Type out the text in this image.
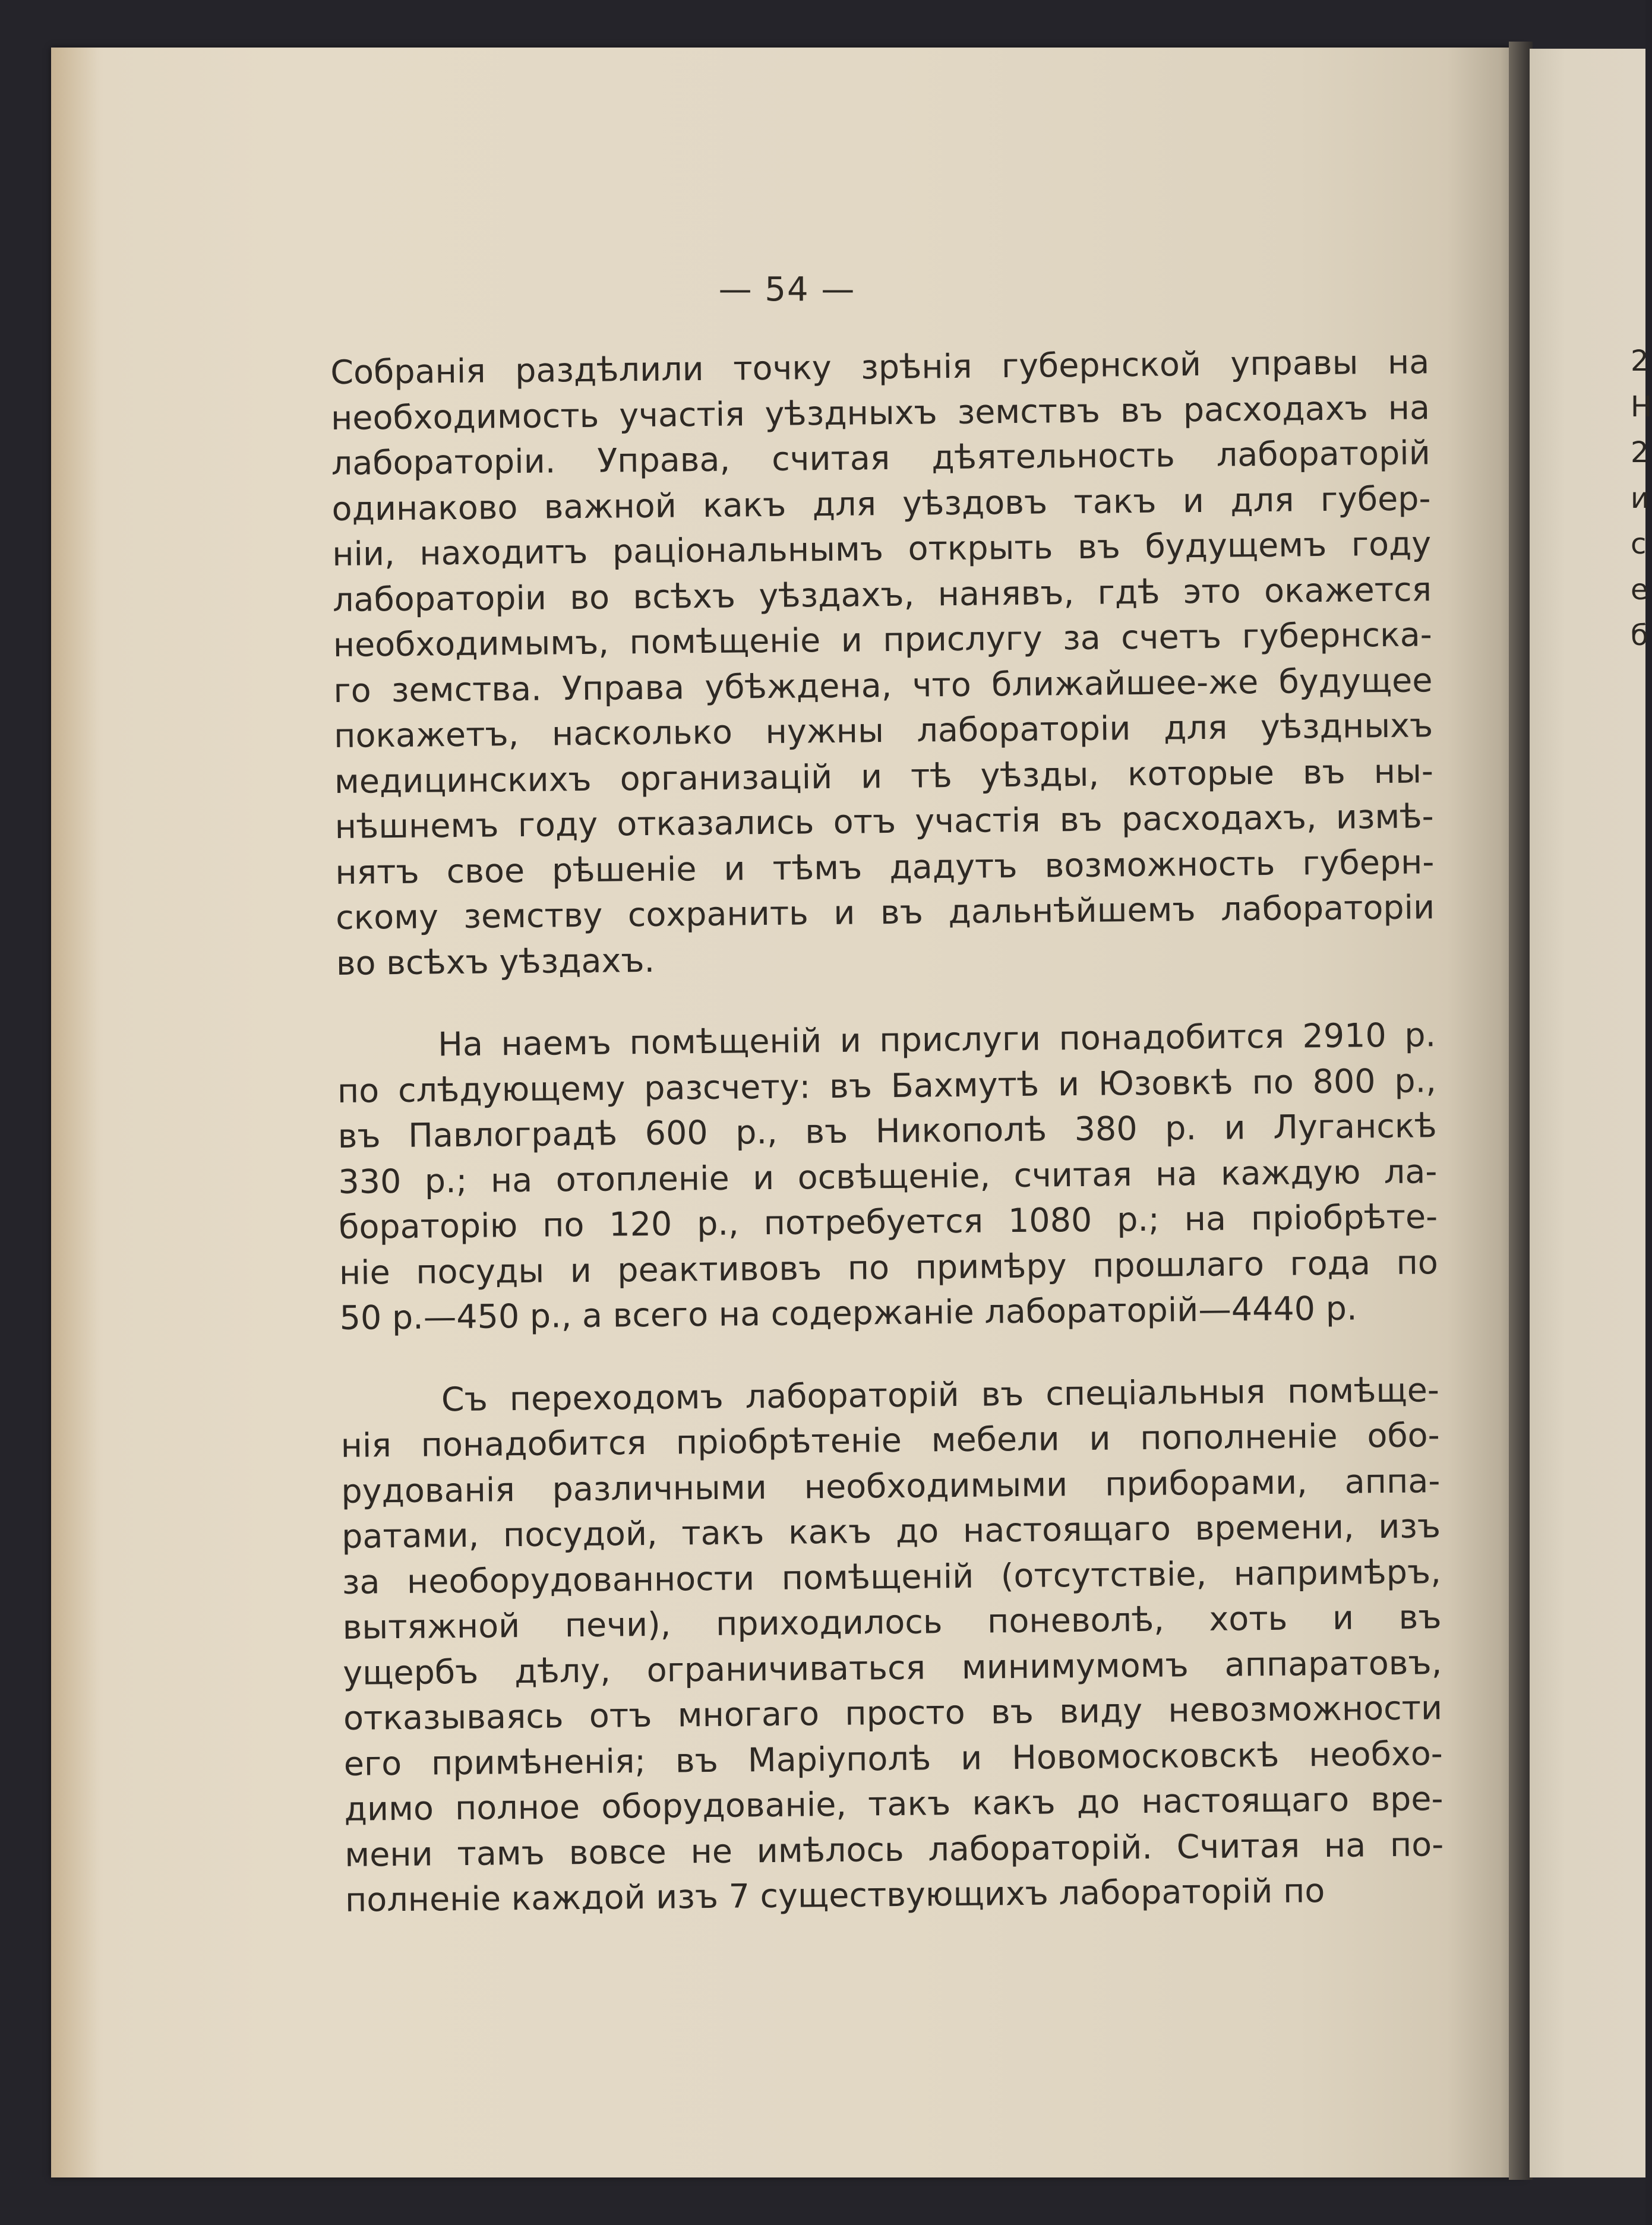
2
Н
2
и
с
е
б
— 54 —
Собранія раздѣлили точку зрѣнія губернской управы на
необходимость участія уѣздныхъ земствъ въ расходахъ на
лабораторіи. Управа, считая дѣятельность лабораторій
одинаково важной какъ для уѣздовъ такъ и для губер-
ніи, находитъ раціональнымъ открыть въ будущемъ году
лабораторіи во всѣхъ уѣздахъ, нанявъ, гдѣ это окажется
необходимымъ, помѣщеніе и прислугу за счетъ губернска-
го земства. Управа убѣждена, что ближайшее-же будущее
покажетъ, насколько нужны лабораторіи для уѣздныхъ
медицинскихъ организацій и тѣ уѣзды, которые въ ны-
нѣшнемъ году отказались отъ участія въ расходахъ, измѣ-
нятъ свое рѣшеніе и тѣмъ дадутъ возможность губерн-
скому земству сохранить и въ дальнѣйшемъ лабораторіи
во всѣхъ уѣздахъ.
На наемъ помѣщеній и прислуги понадобится 2910 р.
по слѣдующему разсчету: въ Бахмутѣ и Юзовкѣ по 800 р.,
въ Павлоградѣ 600 р., въ Никополѣ 380 р. и Луганскѣ
330 р.; на отопленіе и освѣщеніе, считая на каждую ла-
бораторію по 120 р., потребуется 1080 р.; на пріобрѣте-
ніе посуды и реактивовъ по примѣру прошлаго года по
50 р.—450 р., а всего на содержаніе лабораторій—4440 р.
Съ переходомъ лабораторій въ спеціальныя помѣще-
нія понадобится пріобрѣтеніе мебели и пополненіе обо-
рудованія различными необходимыми приборами, аппа-
ратами, посудой, такъ какъ до настоящаго времени, изъ
за необорудованности помѣщеній (отсутствіе, напримѣръ,
вытяжной печи), приходилось поневолѣ, хоть и въ
ущербъ дѣлу, ограничиваться минимумомъ аппаратовъ,
отказываясь отъ многаго просто въ виду невозможности
его примѣненія; въ Маріуполѣ и Новомосковскѣ необхо-
димо полное оборудованіе, такъ какъ до настоящаго вре-
мени тамъ вовсе не имѣлось лабораторій. Считая на по-
полненіе каждой изъ 7 существующихъ лабораторій по
